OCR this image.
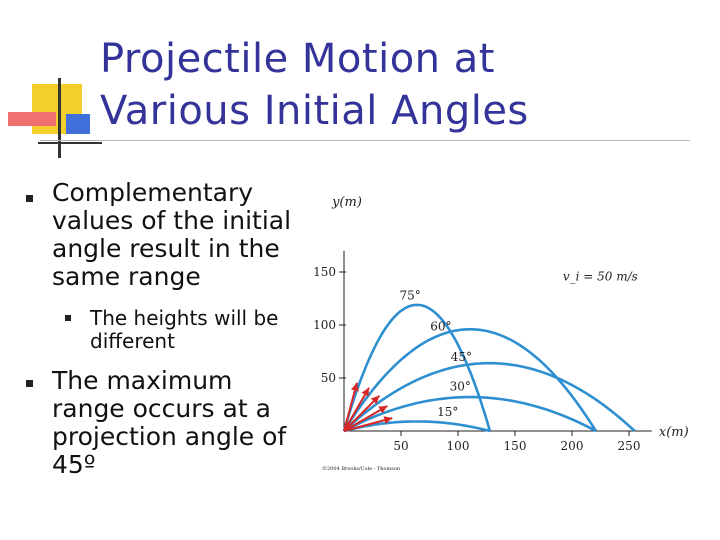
Projectile Motion at
Various Initial Angles
Complementary values of the initial angle result in the same range
The heights will be different
The maximum range occurs at a projection angle of 45º
50	100	150	200	250
50
100
150
y(m)
x(m)
v_i = 50 m/s
75°
60°
45°
30°
15°
©2004 Brooks/Cole - Thomson
